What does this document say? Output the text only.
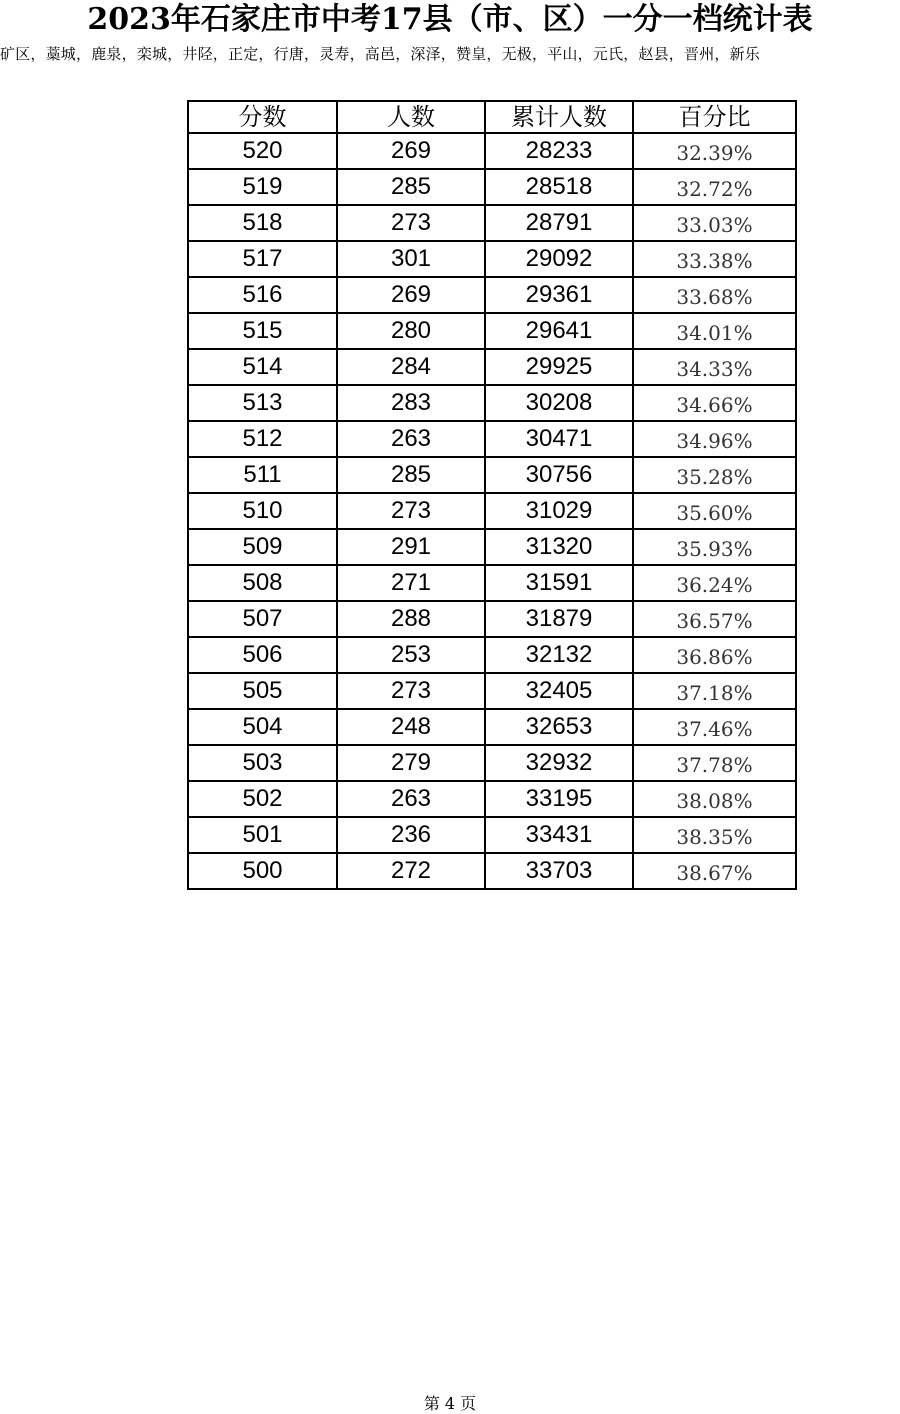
2023年石家庄市中考17县（市、区）一分一档统计表
矿区，藁城，鹿泉，栾城，井陉，正定，行唐，灵寿，高邑，深泽，赞皇，无极，平山，元氏，赵县，晋州，新乐
分数	人数	累计人数	百分比
520	269	28233	32.39%
519	285	28518	32.72%
518	273	28791	33.03%
517	301	29092	33.38%
516	269	29361	33.68%
515	280	29641	34.01%
514	284	29925	34.33%
513	283	30208	34.66%
512	263	30471	34.96%
511	285	30756	35.28%
510	273	31029	35.60%
509	291	31320	35.93%
508	271	31591	36.24%
507	288	31879	36.57%
506	253	32132	36.86%
505	273	32405	37.18%
504	248	32653	37.46%
503	279	32932	37.78%
502	263	33195	38.08%
501	236	33431	38.35%
500	272	33703	38.67%
第 4 页
